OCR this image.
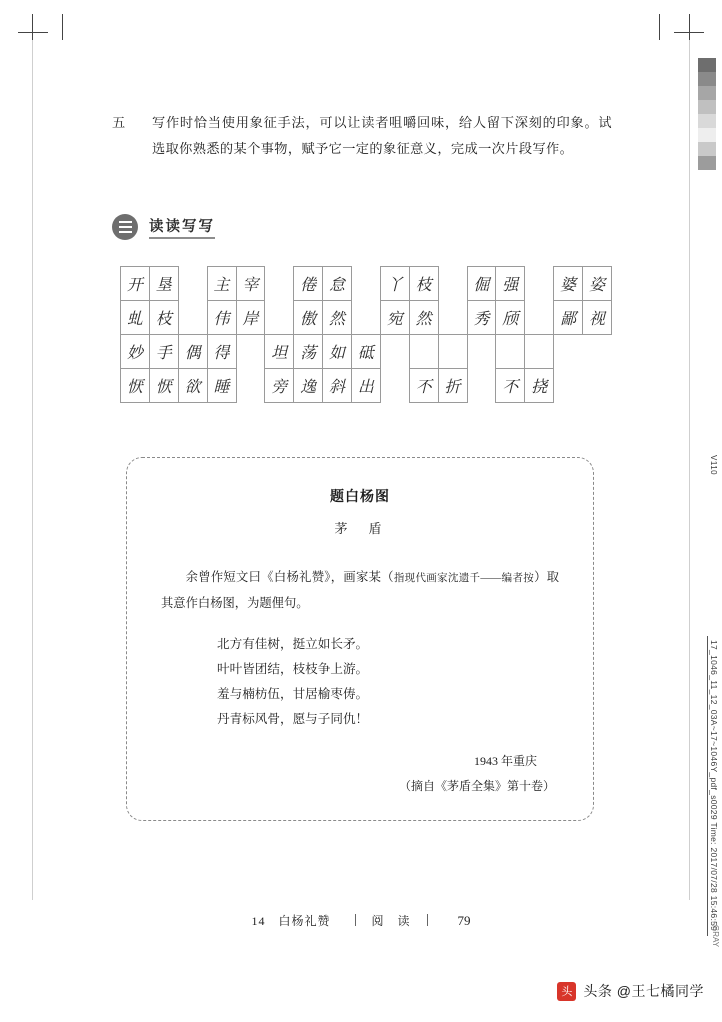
V110
17_1046_11_12_03A~17~1046Y_pdf_s0029 Time: 2017/07/28 15:46:59
GRAY
五	写作时恰当使用象征手法，可以让读者咀嚼回味，给人留下深刻的印象。试选取你熟悉的某个事物，赋予它一定的象征意义，完成一次片段写作。
读读写写
开	垦		主	宰		倦	怠		丫	枝		倔	强		婆	姿
虬	枝		伟	岸		傲	然		宛	然		秀	颀		鄙	视
妙	手	偶	得		坦	荡	如	砥								
恹	恹	欲	睡		旁	逸	斜	出		不	折		不	挠		
题白杨图
茅　盾
余曾作短文曰《白杨礼赞》，画家某（指现代画家沈遗千——编者按）取其意作白杨图，为题俚句。
北方有佳树，挺立如长矛。
叶叶皆团结，枝枝争上游。
羞与楠枋伍，甘居榆枣俦。
丹青标风骨，愿与子同仇！
1943 年重庆
（摘自《茅盾全集》第十卷）
14　白杨礼赞	阅　读	79
头 头条 @王七橘同学
